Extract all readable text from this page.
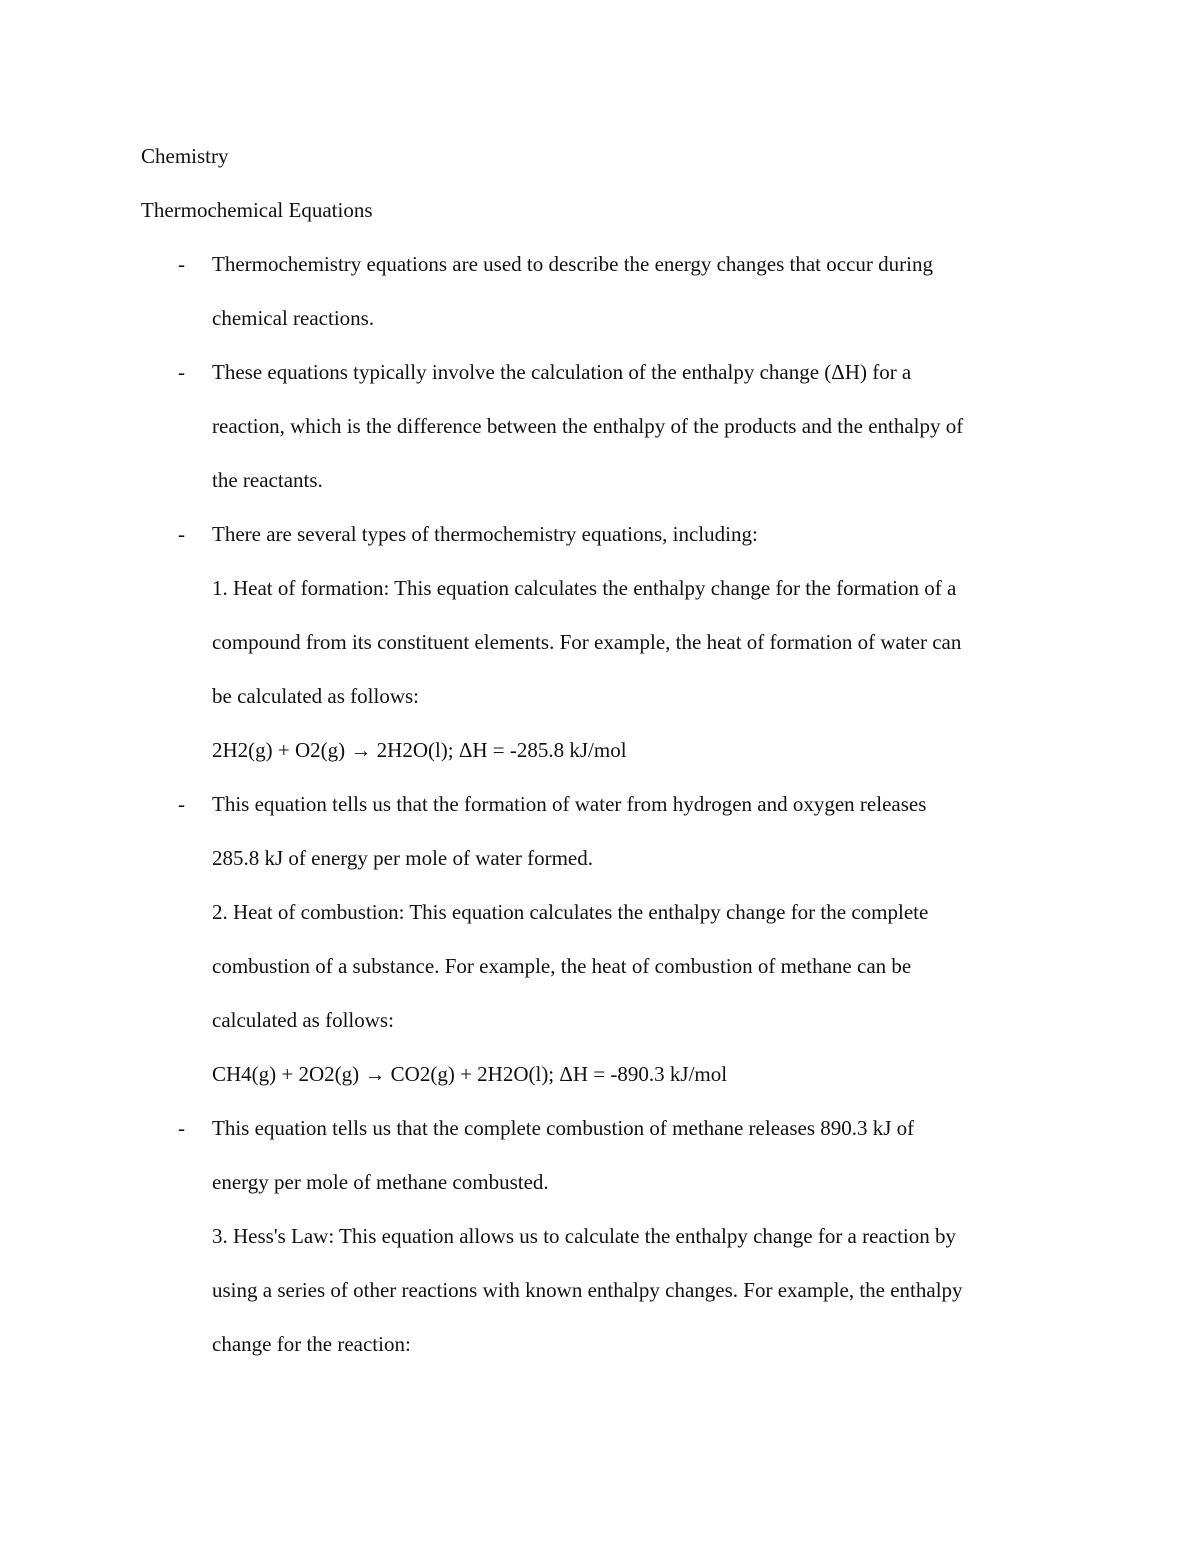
Chemistry
Thermochemical Equations
- Thermochemistry equations are used to describe the energy changes that occur during
chemical reactions.
- These equations typically involve the calculation of the enthalpy change (ΔH) for a
reaction, which is the difference between the enthalpy of the products and the enthalpy of
the reactants.
- There are several types of thermochemistry equations, including:
1. Heat of formation: This equation calculates the enthalpy change for the formation of a
compound from its constituent elements. For example, the heat of formation of water can
be calculated as follows:
2H2(g) + O2(g) → 2H2O(l); ΔH = -285.8 kJ/mol
- This equation tells us that the formation of water from hydrogen and oxygen releases
285.8 kJ of energy per mole of water formed.
2. Heat of combustion: This equation calculates the enthalpy change for the complete
combustion of a substance. For example, the heat of combustion of methane can be
calculated as follows:
CH4(g) + 2O2(g) → CO2(g) + 2H2O(l); ΔH = -890.3 kJ/mol
- This equation tells us that the complete combustion of methane releases 890.3 kJ of
energy per mole of methane combusted.
3. Hess's Law: This equation allows us to calculate the enthalpy change for a reaction by
using a series of other reactions with known enthalpy changes. For example, the enthalpy
change for the reaction:
